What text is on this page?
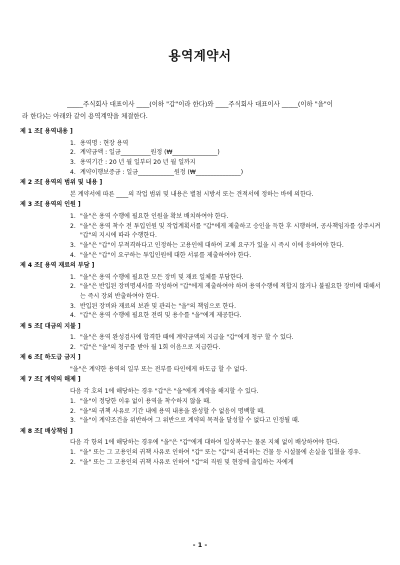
용역계약서
_____주식회사 대표이사 ____(이하 "갑"이라 한다)와 ____주식회사 대표이사 _____(이하 "을"이
라 한다)는 아래와 같이 용역계약을 체결한다.
제 1 조[ 용역내용 ]
1. 용역명 : 현장 용역
2. 계약금액 : 일금__________원정 (₩_______________)
3. 용역기간 : 20 년 월 일부터 20 년 월 일까지
4. 계약이행보증금 : 일금____________원정 (₩_______________)
제 2 조[ 용역의 범위 및 내용 ]
본 계약서에 따른 ____의 작업 범위 및 내용은 별첨 시방서 또는 견적서에 정하는 바에 의한다.
제 3 조[ 용역의 인원 ]
1. "을"은 용역 수행에 필요한 인원을 확보 배치하여야 한다.
2. "을"은 용역 착수 전 투입인원 및 작업계획서를 "갑"에게 제출하고 승인을 득한 후 시행하며, 공사책임자를 상주시켜 "갑"의 지시에 따라 수행한다.
3. "을"은 "갑"이 부적격하다고 인정하는 고용인에 대하여 교체 요구가 있을 시 즉시 이에 응하여야 한다.
4. "을"은 "갑"이 요구하는 투입인원에 대한 서류를 제출하여야 한다.
제 4 조[ 용역 재료의 부담 ]
1. "을"은 용역 수행에 필요한 모든 장비 및 재료 일체를 부담한다.
2. "을"은 반입된 장비명세서를 작성하여 "갑"에게 제출하여야 하며 용역수행에 적합지 않거나 불필요한 장비에 대해서는 즉시 장외 반출하여야 한다.
3. 반입된 장비와 재료의 보관 및 관리는 "을"의 책임으로 한다.
4. "갑"은 용역 수행에 필요한 전력 및 용수를 "을"에게 제공한다.
제 5 조[ 대금의 지불 ]
1. "을"은 용역 완성검사에 합격한 때에 계약금액의 지급을 "갑"에게 청구 할 수 있다.
2. "갑"은 "을"의 청구를 받아 월 1회 이음으로 지급한다.
제 6 조[ 하도급 금지 ]
"을"은 계약한 용역의 일부 또는 전부를 타인에게 하도급 할 수 없다.
제 7 조[ 계약의 해제 ]
다음 각 호의 1에 해당하는 경우 "갑"은 "을"에게 계약을 해지할 수 있다.
1. "을"이 정당한 이유 없이 용역을 착수하지 않을 때.
2. "을"의 귀책 사유로 기간 내에 용역 내용을 완성할 수 없음이 명백할 때.
3. "을"이 계약조건을 위반하여 그 위반으로 계약의 목적을 달성할 수 없다고 인정될 때.
제 8 조[ 배상책임 ]
다음 각 항의 1에 해당하는 경우에 "을"은 "갑"에게 대하여 일상복구는 물론 지체 없이 배상하여야 한다.
1. "을" 또는 그 고용인의 귀책 사유로 인하여 "갑" 또는 "갑"의 관리하는 건물 등 시설물에 손실을 입혔을 경우.
2. "을" 또는 그 고용인의 귀책 사유로 인하여 "갑"의 직원 및 현장에 출입하는 자에게
- 1 -
